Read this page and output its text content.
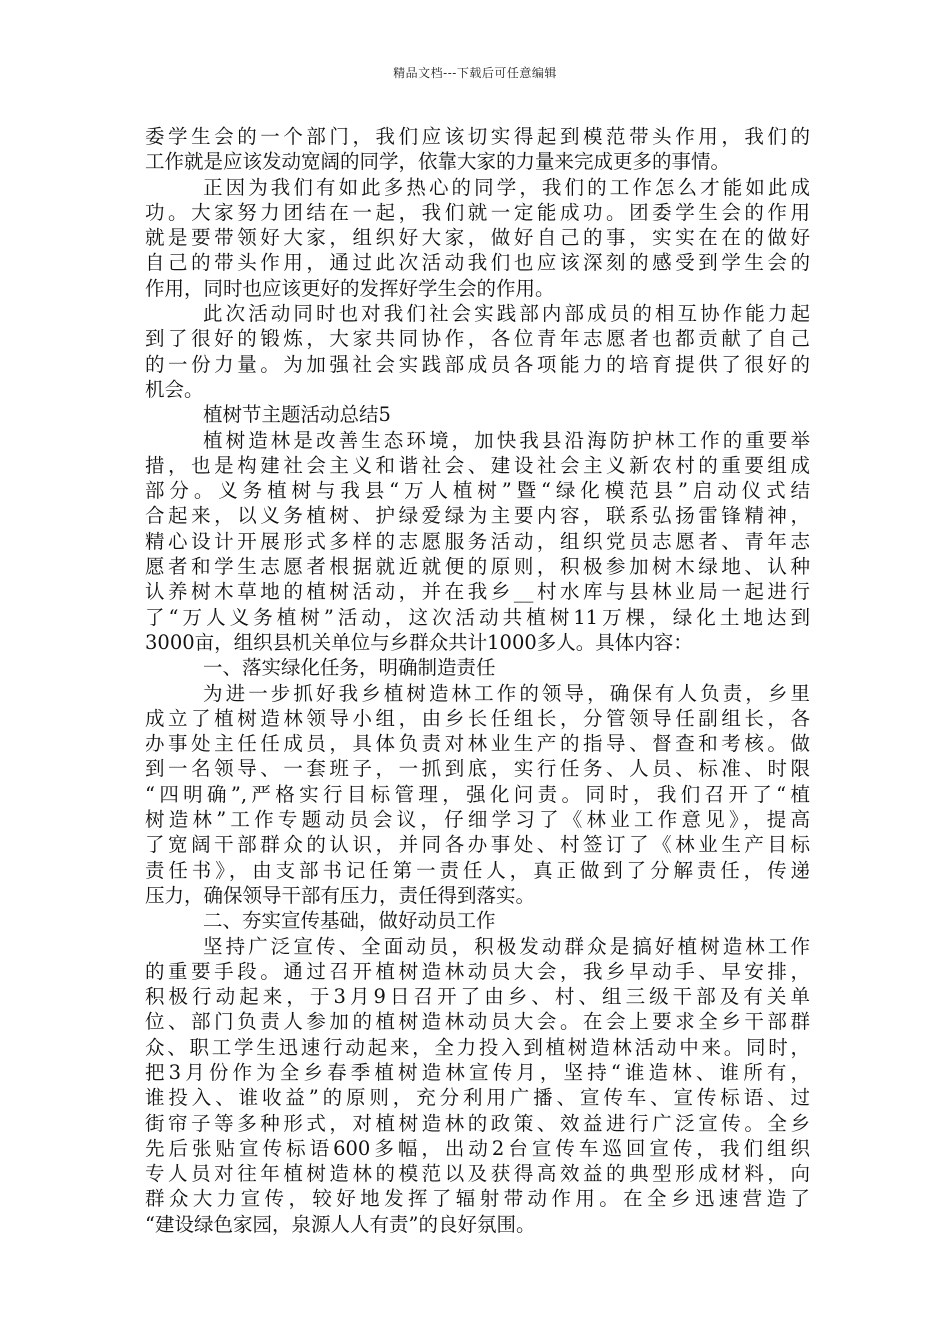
精品文档---下载后可任意编辑
委学生会的一个部门，我们应该切实得起到模范带头作用，我们的
工作就是应该发动宽阔的同学，依靠大家的力量来完成更多的事情。
正因为我们有如此多热心的同学，我们的工作怎么才能如此成
功。大家努力团结在一起，我们就一定能成功。团委学生会的作用
就是要带领好大家，组织好大家，做好自己的事，实实在在的做好
自己的带头作用，通过此次活动我们也应该深刻的感受到学生会的
作用，同时也应该更好的发挥好学生会的作用。
此次活动同时也对我们社会实践部内部成员的相互协作能力起
到了很好的锻炼，大家共同协作，各位青年志愿者也都贡献了自己
的一份力量。为加强社会实践部成员各项能力的培育提供了很好的
机会。
植树节主题活动总结5
植树造林是改善生态环境，加快我县沿海防护林工作的重要举
措，也是构建社会主义和谐社会、建设社会主义新农村的重要组成
部分。义务植树与我县“万人植树”暨“绿化模范县”启动仪式结
合起来，以义务植树、护绿爱绿为主要内容，联系弘扬雷锋精神，
精心设计开展形式多样的志愿服务活动，组织党员志愿者、青年志
愿者和学生志愿者根据就近就便的原则，积极参加树木绿地、认种
认养树木草地的植树活动，并在我乡__村水库与县林业局一起进行
了“万人义务植树”活动，这次活动共植树11万棵，绿化土地达到
3000亩，组织县机关单位与乡群众共计1000多人。具体内容：
一、落实绿化任务，明确制造责任
为进一步抓好我乡植树造林工作的领导，确保有人负责，乡里
成立了植树造林领导小组，由乡长任组长，分管领导任副组长，各
办事处主任任成员，具体负责对林业生产的指导、督查和考核。做
到一名领导、一套班子，一抓到底，实行任务、人员、标准、时限
“四明确”,严格实行目标管理，强化问责。同时，我们召开了“植
树造林”工作专题动员会议，仔细学习了《林业工作意见》，提高
了宽阔干部群众的认识，并同各办事处、村签订了《林业生产目标
责任书》，由支部书记任第一责任人，真正做到了分解责任，传递
压力，确保领导干部有压力，责任得到落实。
二、夯实宣传基础，做好动员工作
坚持广泛宣传、全面动员，积极发动群众是搞好植树造林工作
的重要手段。通过召开植树造林动员大会，我乡早动手、早安排，
积极行动起来，于3月9日召开了由乡、村、组三级干部及有关单
位、部门负责人参加的植树造林动员大会。在会上要求全乡干部群
众、职工学生迅速行动起来，全力投入到植树造林活动中来。同时，
把3月份作为全乡春季植树造林宣传月，坚持“谁造林、谁所有，
谁投入、谁收益”的原则，充分利用广播、宣传车、宣传标语、过
街帘子等多种形式，对植树造林的政策、效益进行广泛宣传。全乡
先后张贴宣传标语600多幅，出动2台宣传车巡回宣传，我们组织
专人员对往年植树造林的模范以及获得高效益的典型形成材料，向
群众大力宣传，较好地发挥了辐射带动作用。在全乡迅速营造了
“建设绿色家园，泉源人人有责”的良好氛围。
